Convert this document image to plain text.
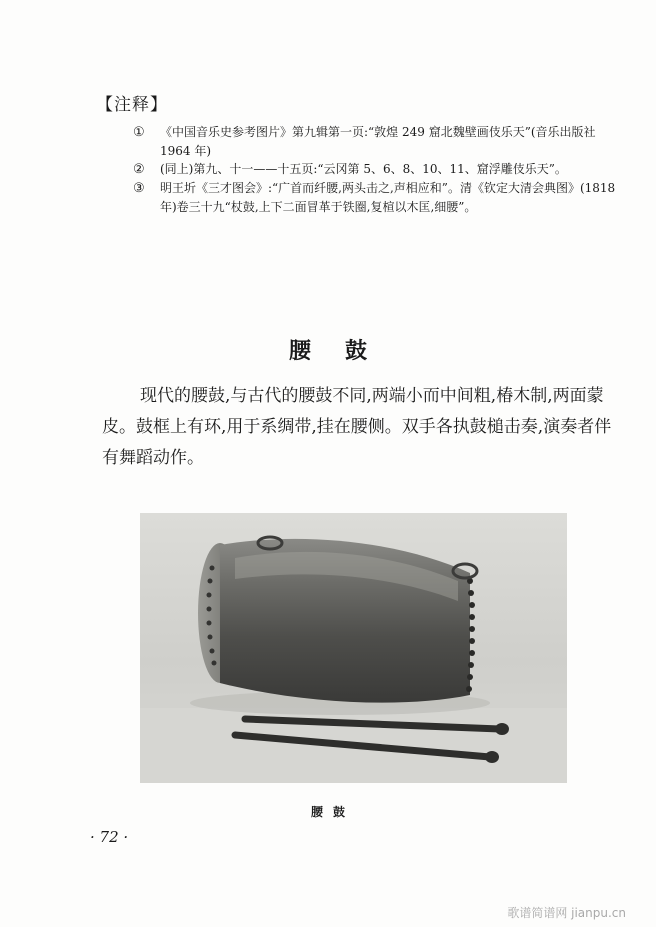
【注释】
①	《中国音乐史参考图片》第九辑第一页:“敦煌 249 窟北魏壁画伎乐天”(音乐出版社 1964 年)
②	(同上)第九、十一——十五页:“云冈第 5、6、8、10、11、窟浮雕伎乐天”。
③	明王圻《三才图会》:“广首而纤腰,两头击之,声相应和”。清《钦定大清会典图》(1818 年)卷三十九“杖鼓,上下二面冒革于铁圈,复楦以木匡,细腰”。
腰鼓
现代的腰鼓,与古代的腰鼓不同,两端小而中间粗,椿木制,两面蒙皮。鼓框上有环,用于系绸带,挂在腰侧。双手各执鼓槌击奏,演奏者伴有舞蹈动作。
腰鼓
· 72 ·
歌谱简谱网 jianpu.cn
